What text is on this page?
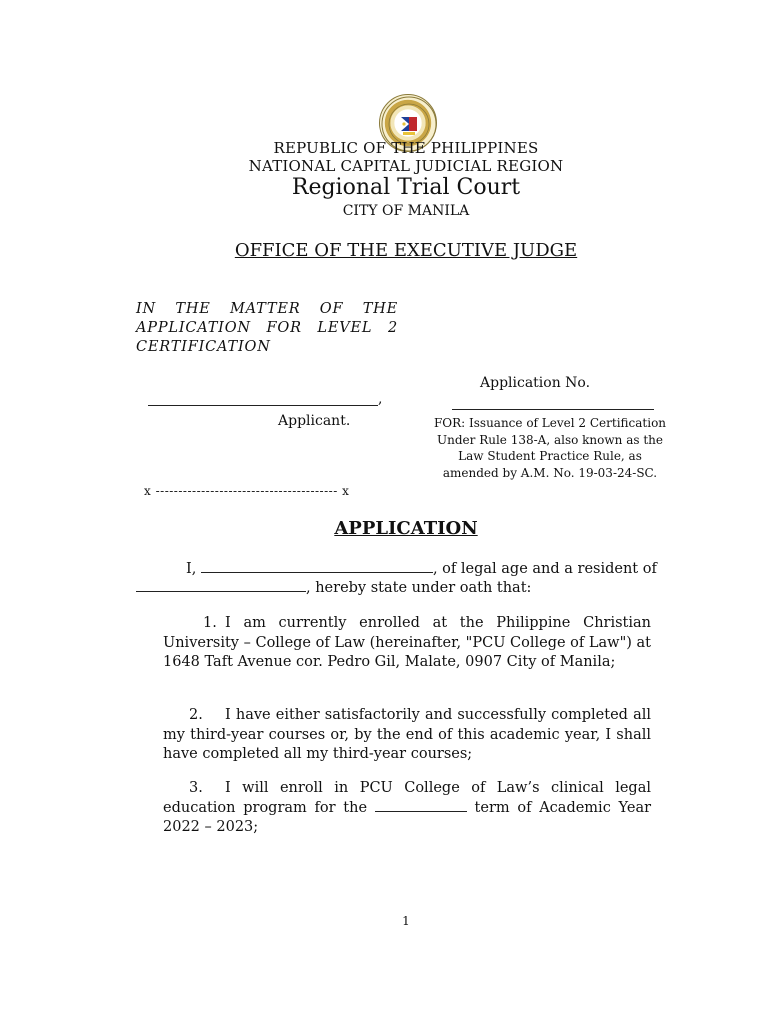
REPUBLIC OF THE PHILIPPINES
NATIONAL CAPITAL JUDICIAL REGION
Regional Trial Court
CITY OF MANILA
OFFICE OF THE EXECUTIVE JUDGE
IN THE MATTER OF THE APPLICATION FOR LEVEL 2 CERTIFICATION
Application No.
,
Applicant.	FOR: Issuance of Level 2 Certification Under Rule 138-A, also known as the Law Student Practice Rule, as amended by A.M. No. 19-03-24-SC.
x ---------------------------------------- x
APPLICATION
I,	, of legal age and a resident of
, hereby state under oath that:
1. I am currently enrolled at the Philippine Christian University – College of Law (hereinafter, "PCU College of Law") at 1648 Taft Avenue cor. Pedro Gil, Malate, 0907 City of Manila;
2. I have either satisfactorily and successfully completed all my third-year courses or, by the end of this academic year, I shall have completed all my third-year courses;
3. I will enroll in PCU College of Law’s clinical legal education program for the	term of Academic Year 2022 – 2023;
1
